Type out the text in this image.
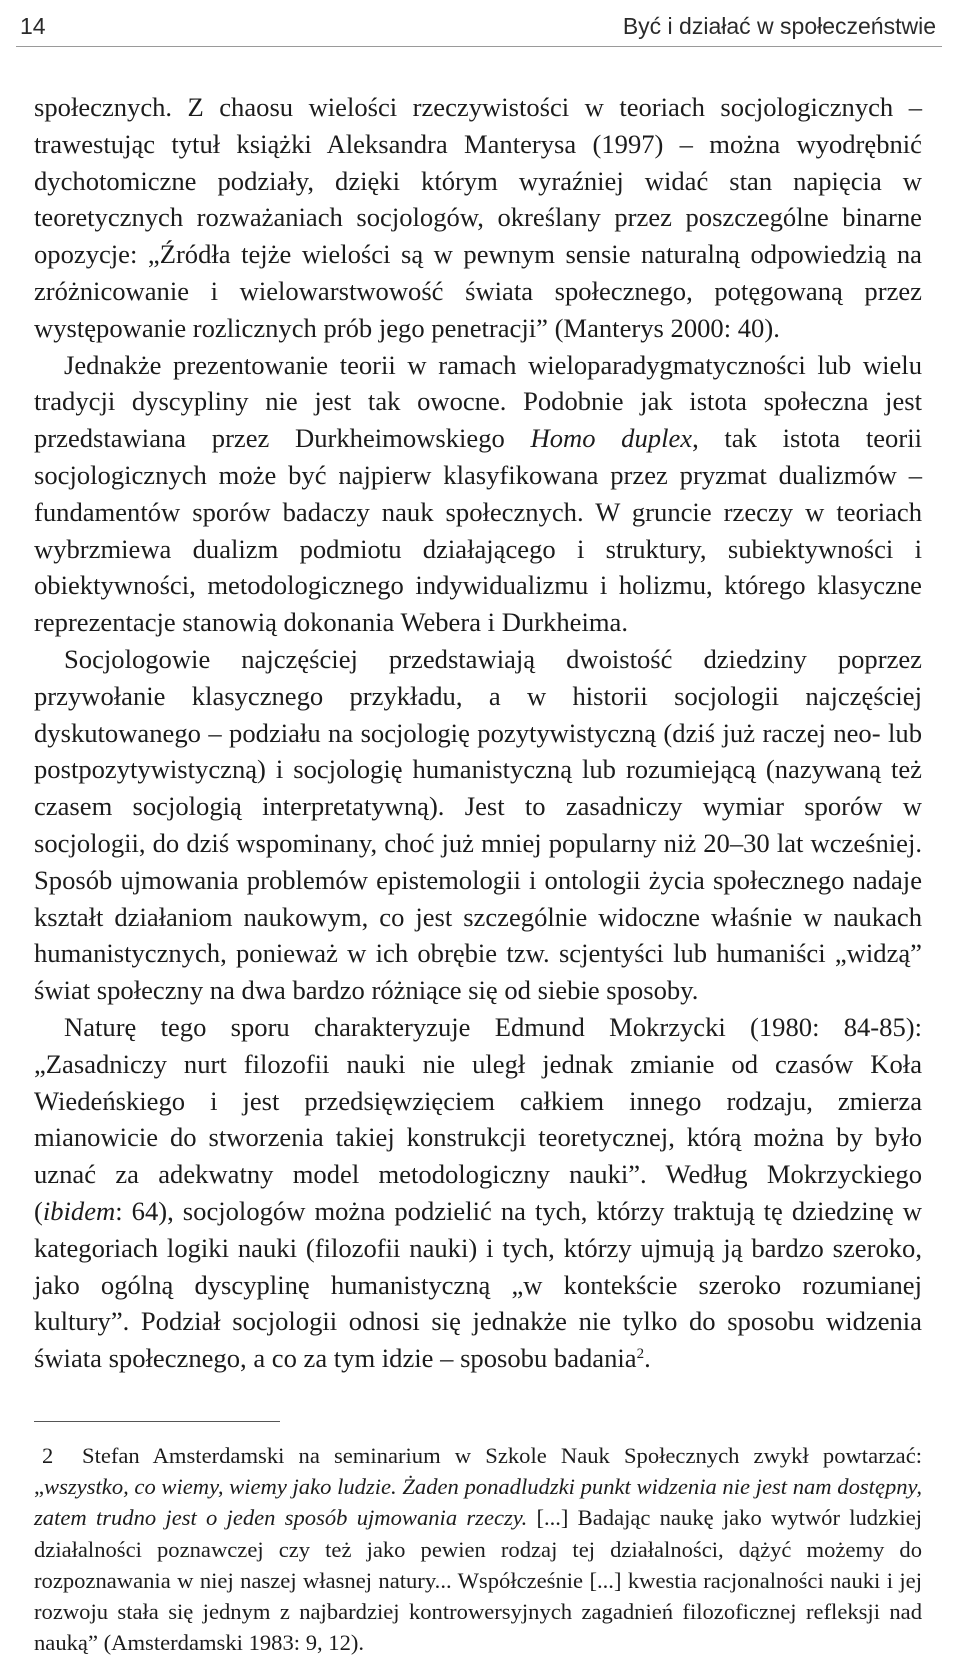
14	Być i działać w społeczeństwie

społecznych. Z chaosu wielości rzeczywistości w teoriach socjologicznych – trawestując tytuł książki Aleksandra Manterysa (1997) – można wyodrębnić dychotomiczne podziały, dzięki którym wyraźniej widać stan napięcia w teoretycznych rozważaniach socjologów, określany przez poszczególne binarne opozycje: „Źródła tejże wielości są w pewnym sensie naturalną odpowiedzią na zróżnicowanie i wielowarstwowość świata społecznego, potęgowaną przez występowanie rozlicznych prób jego penetracji” (Manterys 2000: 40).

Jednakże prezentowanie teorii w ramach wieloparadygmatyczności lub wielu tradycji dyscypliny nie jest tak owocne. Podobnie jak istota społeczna jest przedstawiana przez Durkheimowskiego Homo duplex, tak istota teorii socjologicznych może być najpierw klasyfikowana przez pryzmat dualizmów – fundamentów sporów badaczy nauk społecznych. W gruncie rzeczy w teoriach wybrzmiewa dualizm podmiotu działającego i struktury, subiektywności i obiektywności, metodologicznego indywidualizmu i holizmu, którego klasyczne reprezentacje stanowią dokonania Webera i Durkheima.

Socjologowie najczęściej przedstawiają dwoistość dziedziny poprzez przywołanie klasycznego przykładu, a w historii socjologii najczęściej dyskutowanego – podziału na socjologię pozytywistyczną (dziś już raczej neo- lub postpozytywistyczną) i socjologię humanistyczną lub rozumiejącą (nazywaną też czasem socjologią interpretatywną). Jest to zasadniczy wymiar sporów w socjologii, do dziś wspominany, choć już mniej popularny niż 20–30 lat wcześniej. Sposób ujmowania problemów epistemologii i ontologii życia społecznego nadaje kształt działaniom naukowym, co jest szczególnie widoczne właśnie w naukach humanistycznych, ponieważ w ich obrębie tzw. scjentyści lub humaniści „widzą” świat społeczny na dwa bardzo różniące się od siebie sposoby.

Naturę tego sporu charakteryzuje Edmund Mokrzycki (1980: 84-85): „Zasadniczy nurt filozofii nauki nie uległ jednak zmianie od czasów Koła Wiedeńskiego i jest przedsięwzięciem całkiem innego rodzaju, zmierza mianowicie do stworzenia takiej konstrukcji teoretycznej, którą można by było uznać za adekwatny model metodologiczny nauki”. Według Mokrzyckiego (ibidem: 64), socjologów można podzielić na tych, którzy traktują tę dziedzinę w kategoriach logiki nauki (filozofii nauki) i tych, którzy ujmują ją bardzo szeroko, jako ogólną dyscyplinę humanistyczną „w kontekście szeroko rozumianej kultury”. Podział socjologii odnosi się jednakże nie tylko do sposobu widzenia świata społecznego, a co za tym idzie – sposobu badania$^2$.

2 Stefan Amsterdamski na seminarium w Szkole Nauk Społecznych zwykł powtarzać: „wszystko, co wiemy, wiemy jako ludzie. Żaden ponadludzki punkt widzenia nie jest nam dostępny, zatem trudno jest o jeden sposób ujmowania rzeczy. [...] Badając naukę jako wytwór ludzkiej działalności poznawczej czy też jako pewien rodzaj tej działalności, dążyć możemy do rozpoznawania w niej naszej własnej natury... Współcześnie [...] kwestia racjonalności nauki i jej rozwoju stała się jednym z najbardziej kontrowersyjnych zagadnień filozoficznej refleksji nad nauką” (Amsterdamski 1983: 9, 12).
